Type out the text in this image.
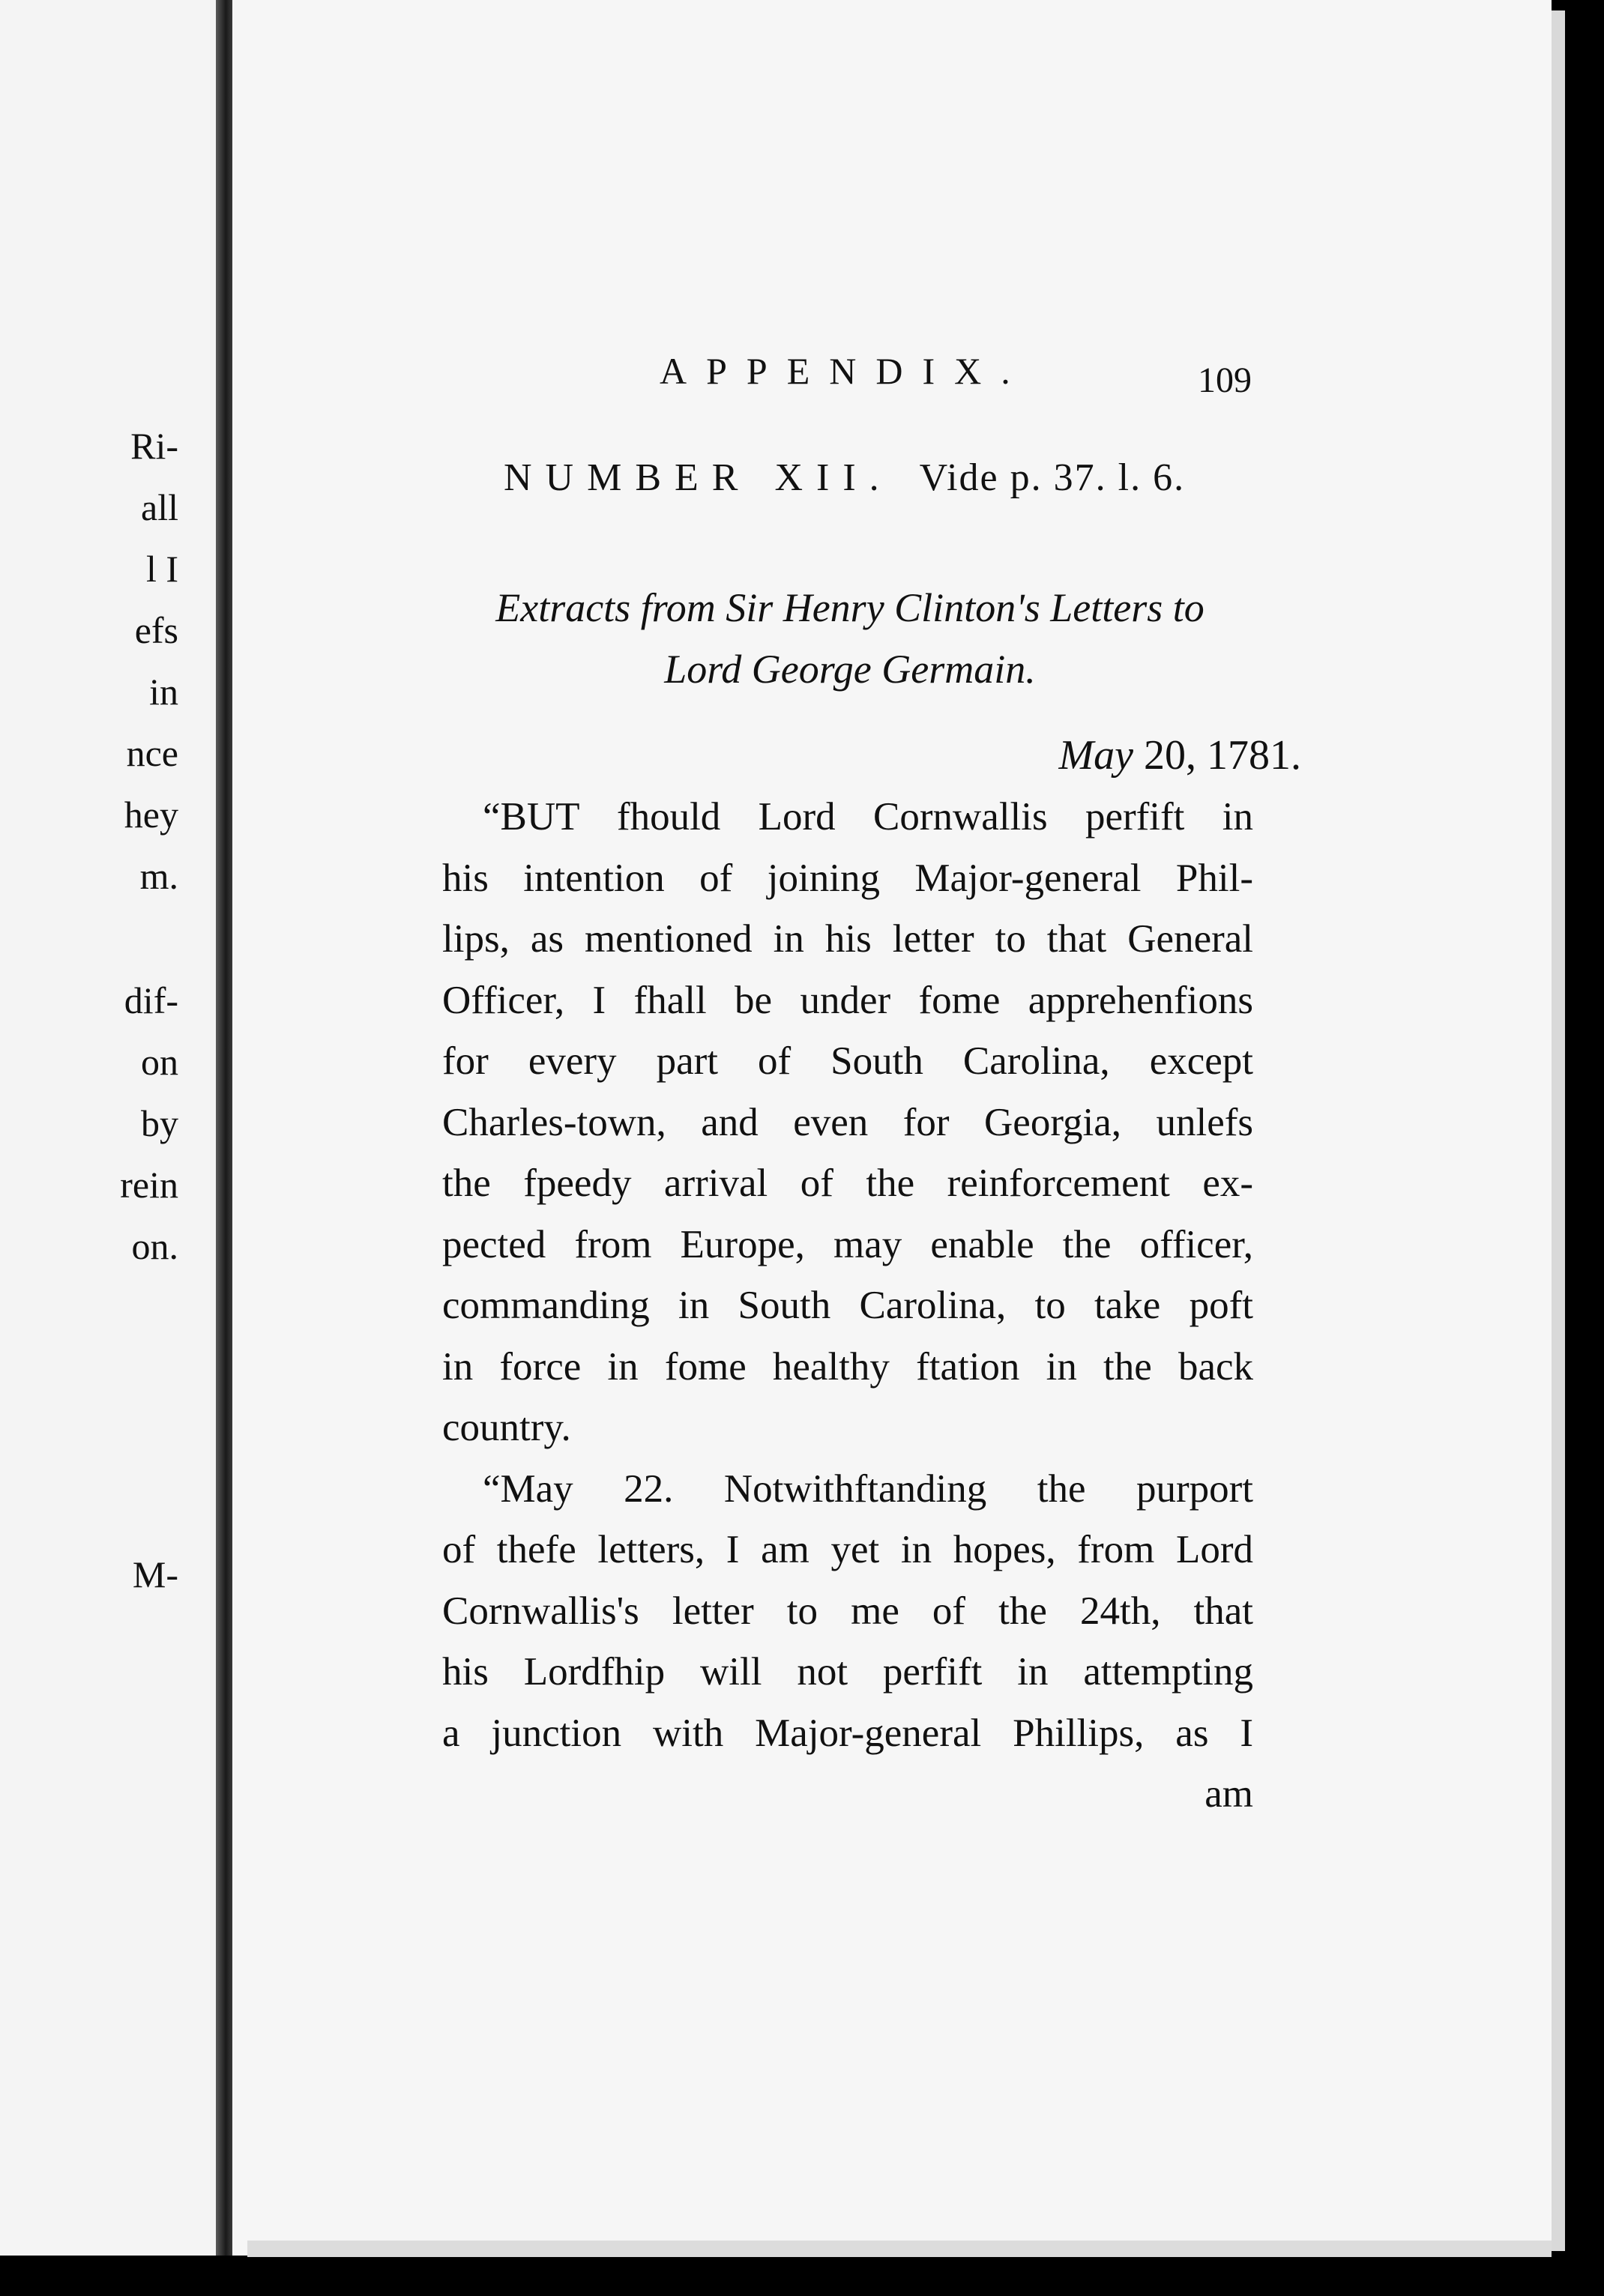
Ri-
all
l I
efs
in
nce
hey
m.
dif-
on
by
rein
on.
M-
APPENDIX.	109
NUMBER XII. Vide p. 37. l. 6.
Extracts from Sir Henry Clinton's Letters to
Lord George Germain.
May 20, 1781.
“BUT fhould Lord Cornwallis perfift in
his intention of joining Major-general Phil-
lips, as mentioned in his letter to that General
Officer, I fhall be under fome apprehenfions
for every part of South Carolina, except
Charles-town, and even for Georgia, unlefs
the fpeedy arrival of the reinforcement ex-
pected from Europe, may enable the officer,
commanding in South Carolina, to take poft
in force in fome healthy ftation in the back
country.
“May 22. Notwithftanding the purport
of thefe letters, I am yet in hopes, from Lord
Cornwallis's letter to me of the 24th, that
his Lordfhip will not perfift in attempting
a junction with Major-general Phillips, as I
am
